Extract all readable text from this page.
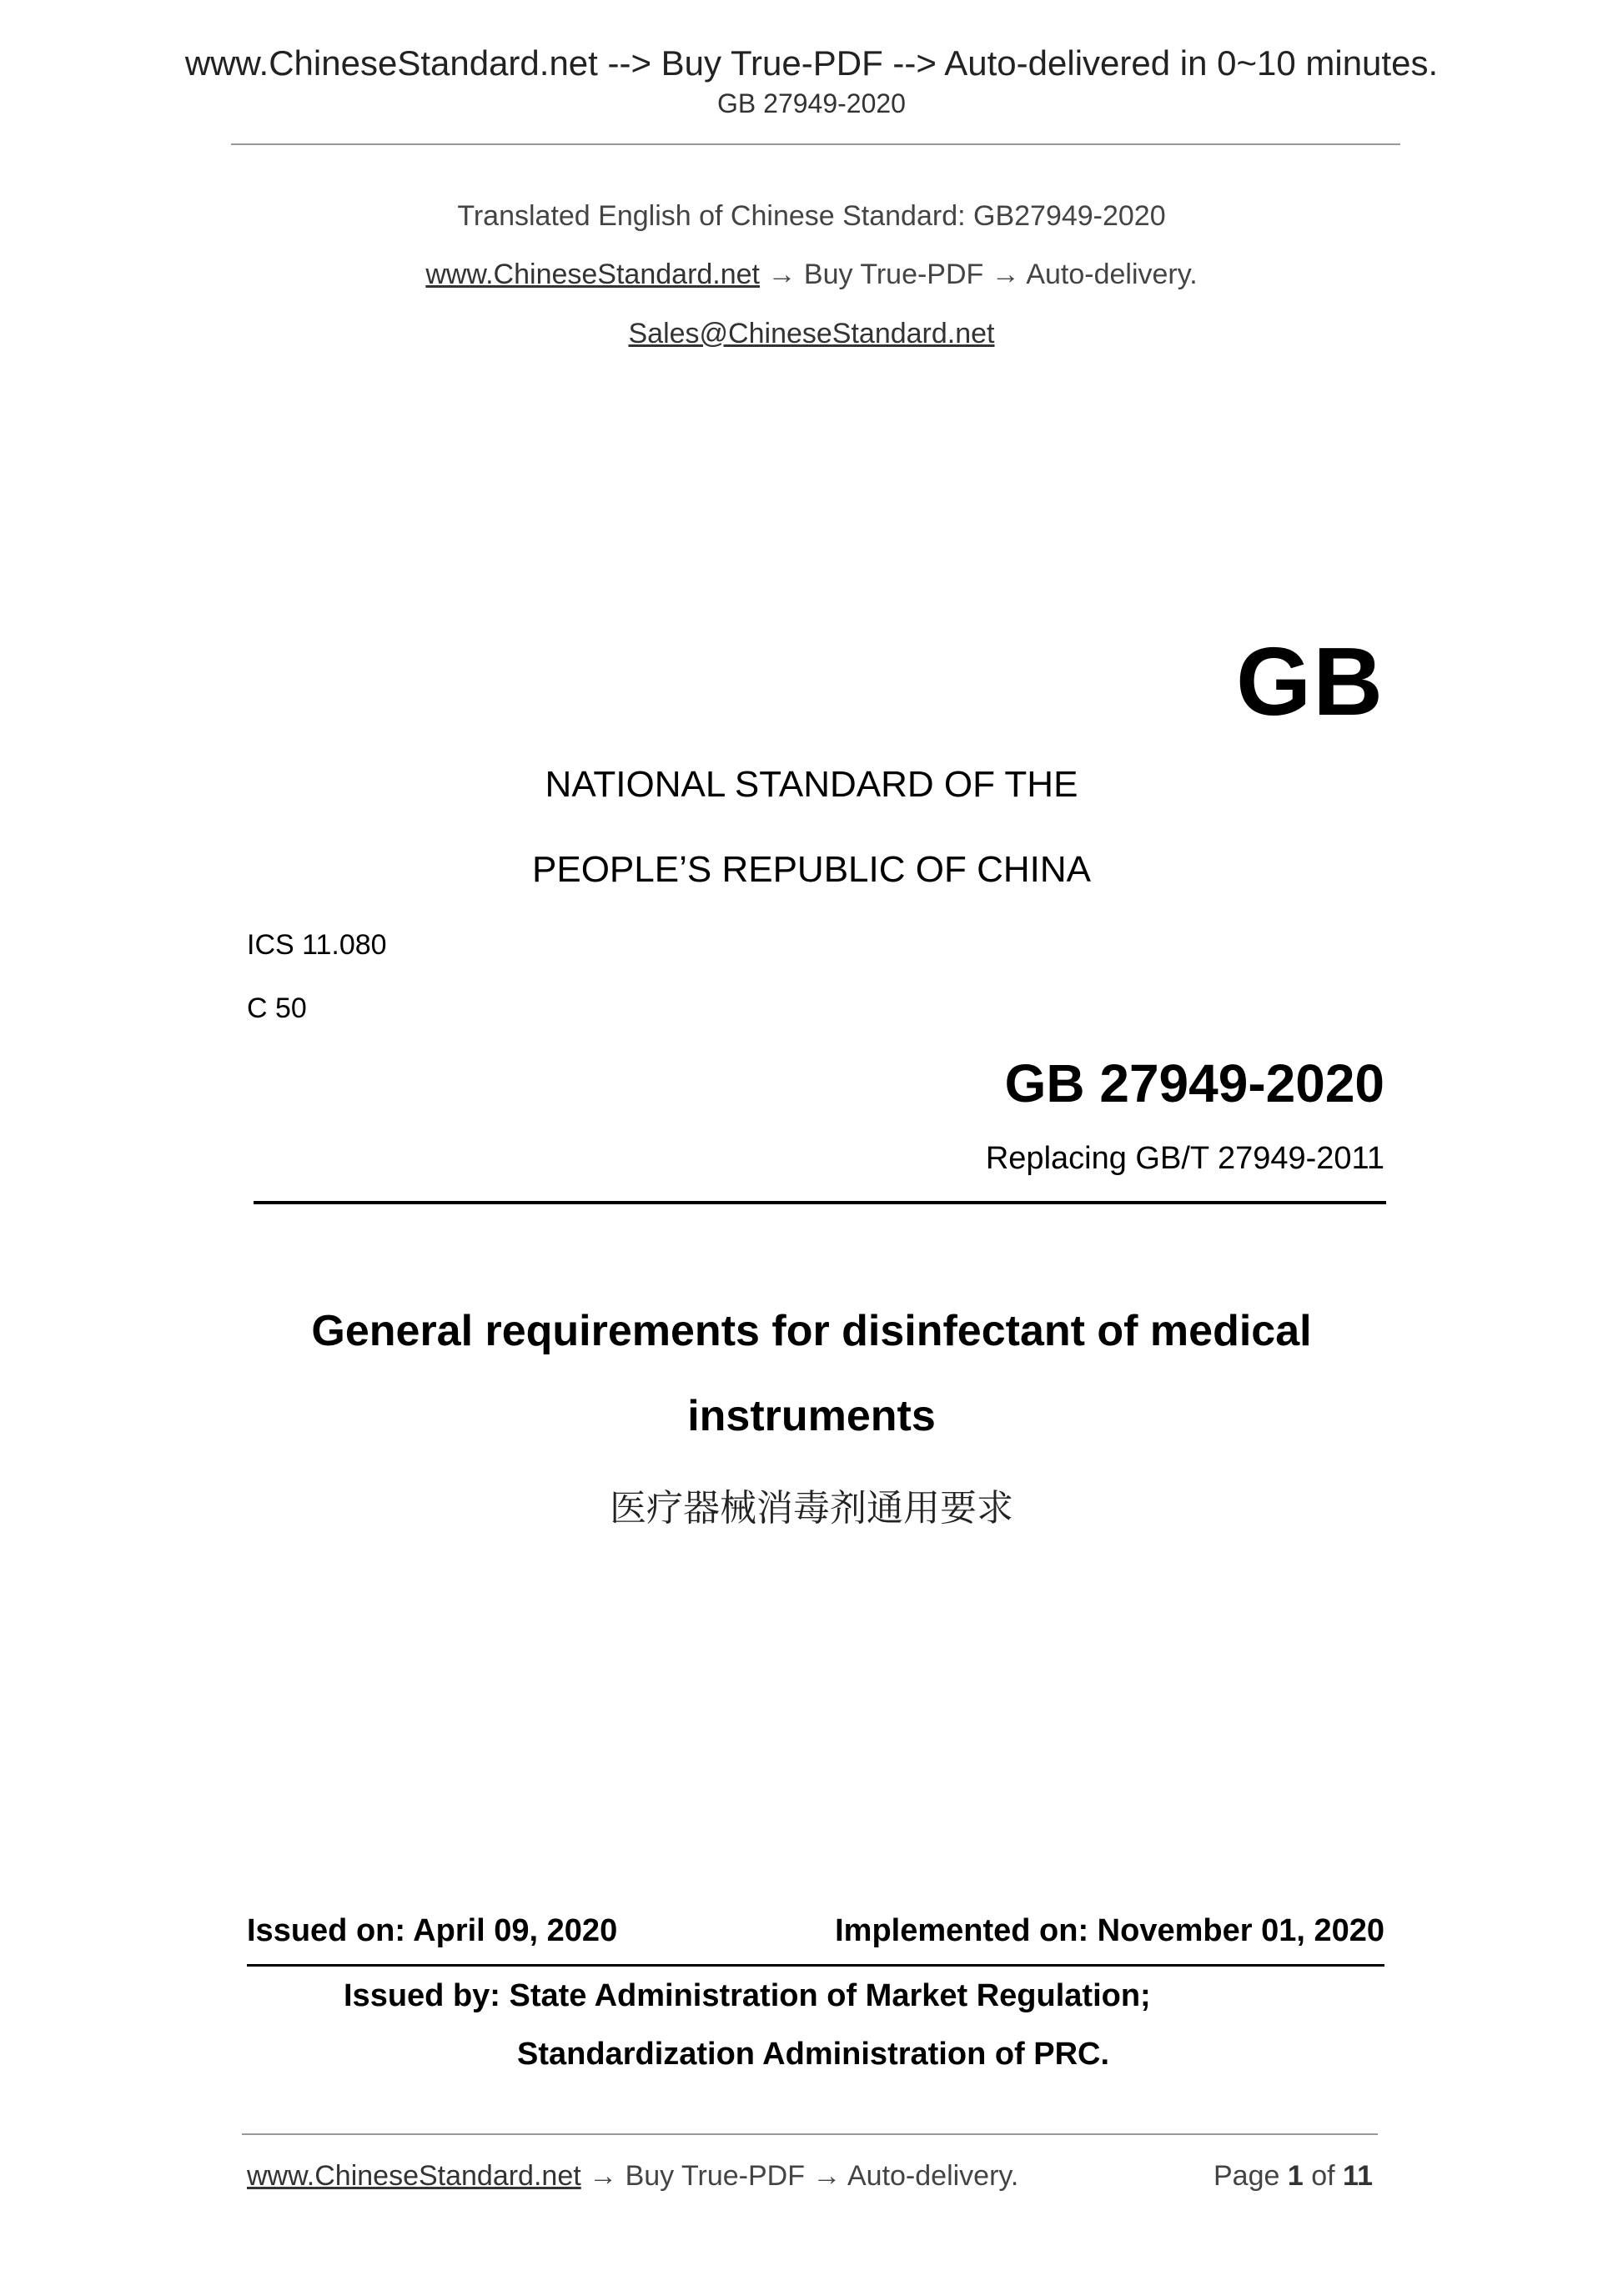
www.ChineseStandard.net --> Buy True-PDF --> Auto-delivered in 0~10 minutes.
GB 27949-2020
Translated English of Chinese Standard: GB27949-2020
www.ChineseStandard.net → Buy True-PDF → Auto-delivery.
Sales@ChineseStandard.net
GB
NATIONAL STANDARD OF THE
PEOPLE’S REPUBLIC OF CHINA
ICS 11.080
C 50
GB 27949-2020
Replacing GB/T 27949-2011
General requirements for disinfectant of medical
instruments
医疗器械消毒剂通用要求
Issued on: April 09, 2020	Implemented on: November 01, 2020
Issued by: State Administration of Market Regulation;
Standardization Administration of PRC.
www.ChineseStandard.net → Buy True-PDF → Auto-delivery.	Page 1 of 11
